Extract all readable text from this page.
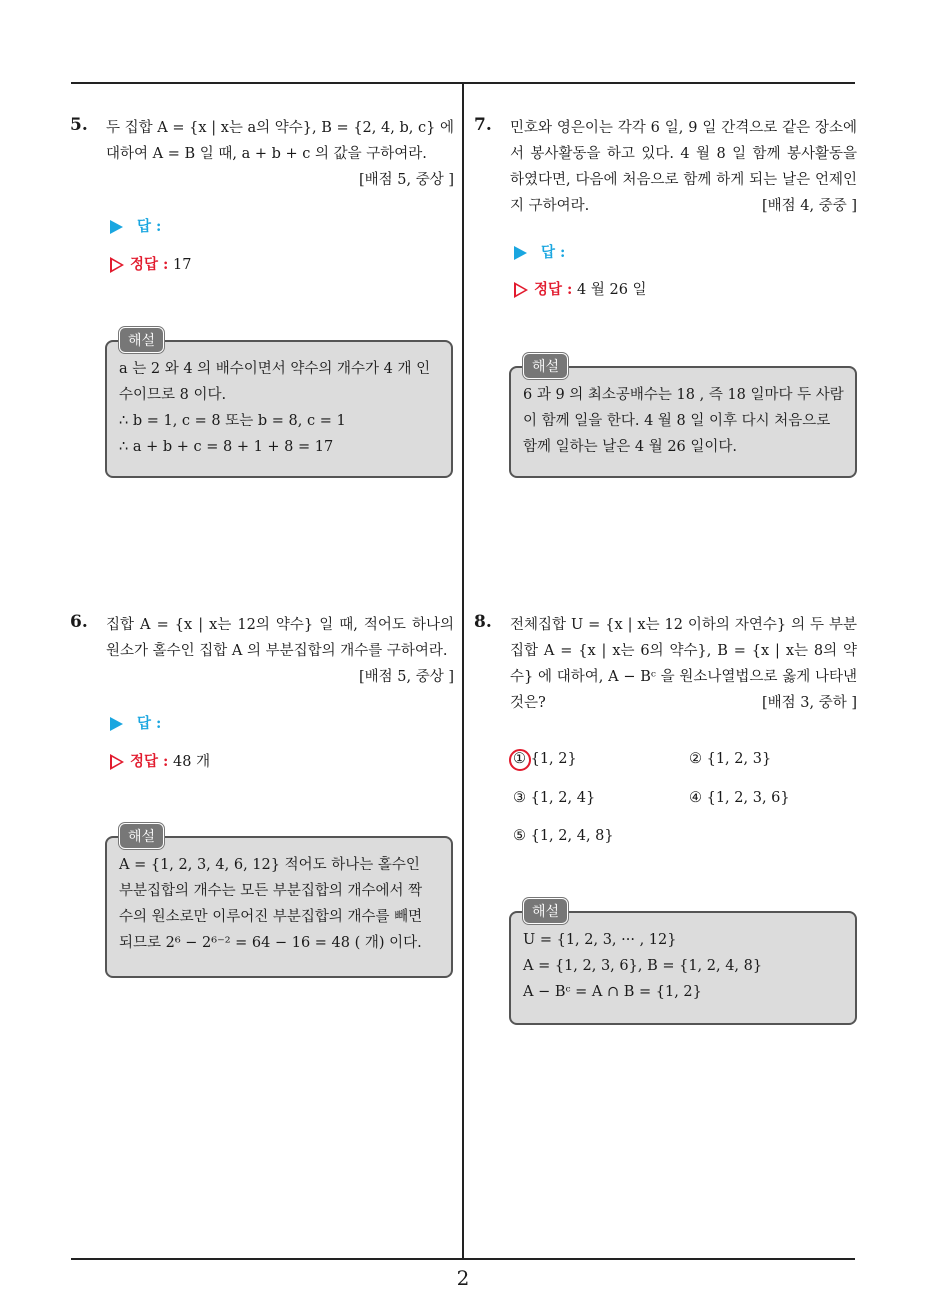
2
5. 두 집합 A = {x | x는 a의 약수}, B = {2, 4, b, c} 에 대하여 A = B 일 때, a + b + c 의 값을 구하여라.
[배점 5, 중상 ]
답 :
정답 : 17
a 는 2 와 4 의 배수이면서 약수의 개수가 4 개 인
수이므로 8 이다.
∴ b = 1, c = 8 또는 b = 8, c = 1
∴ a + b + c = 8 + 1 + 8 = 17
해설
6. 집합 A = {x | x는 12의 약수} 일 때, 적어도 하나의 원소가 홀수인 집합 A 의 부분집합의 개수를 구하여라.
[배점 5, 중상 ]
답 :
정답 : 48 개
A = {1, 2, 3, 4, 6, 12} 적어도 하나는 홀수인
부분집합의 개수는 모든 부분집합의 개수에서 짝
수의 원소로만 이루어진 부분집합의 개수를 빼면
되므로 2⁶ − 2⁶⁻² = 64 − 16 = 48 ( 개) 이다.
해설
7. 민호와 영은이는 각각 6 일, 9 일 간격으로 같은 장소에서 봉사활동을 하고 있다. 4 월 8 일 함께 봉사활동을 하였다면, 다음에 처음으로 함께 하게 되는 날은 언제인지 구하여라.	[배점 4, 중중 ]
답 :
정답 : 4 월 26 일
6 과 9 의 최소공배수는 18 , 즉 18 일마다 두 사람
이 함께 일을 한다. 4 월 8 일 이후 다시 처음으로
함께 일하는 날은 4 월 26 일이다.
해설
8. 전체집합 U = {x | x는 12 이하의 자연수} 의 두 부분집합 A = {x | x는 6의 약수}, B = {x | x는 8의 약수} 에 대하여, A − Bᶜ 을 원소나열법으로 옳게 나타낸 것은?	[배점 3, 중하 ]
① {1, 2}	② {1, 2, 3}
③ {1, 2, 4}	④ {1, 2, 3, 6}
⑤ {1, 2, 4, 8}
U = {1, 2, 3, ··· , 12}
A = {1, 2, 3, 6}, B = {1, 2, 4, 8}
A − Bᶜ = A ∩ B = {1, 2}
해설
